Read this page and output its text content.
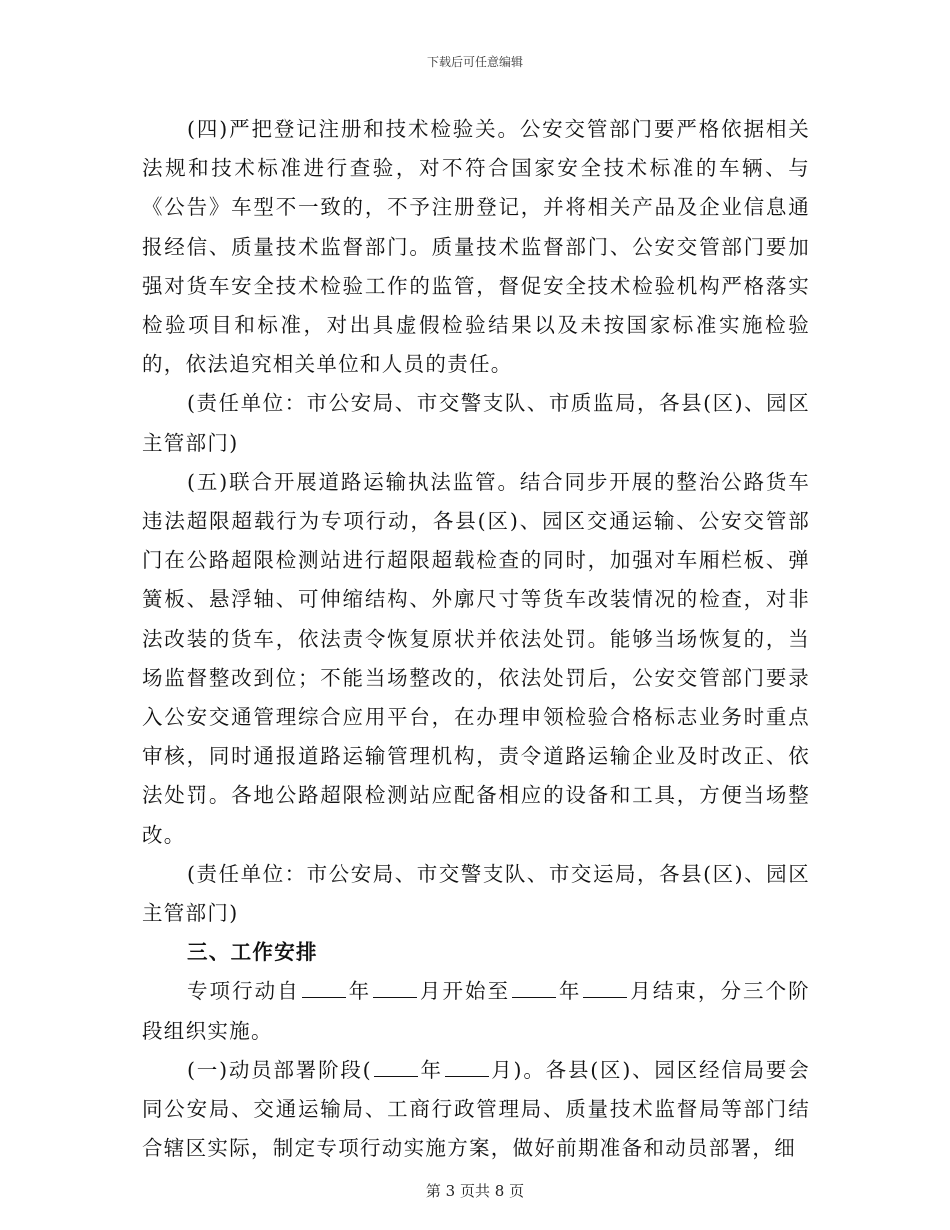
下载后可任意编辑

(四)严把登记注册和技术检验关。公安交管部门要严格依据相关法规和技术标准进行查验，对不符合国家安全技术标准的车辆、与《公告》车型不一致的，不予注册登记，并将相关产品及企业信息通报经信、质量技术监督部门。质量技术监督部门、公安交管部门要加强对货车安全技术检验工作的监管，督促安全技术检验机构严格落实检验项目和标准，对出具虚假检验结果以及未按国家标准实施检验的，依法追究相关单位和人员的责任。

(责任单位：市公安局、市交警支队、市质监局，各县(区)、园区主管部门)

(五)联合开展道路运输执法监管。结合同步开展的整治公路货车违法超限超载行为专项行动，各县(区)、园区交通运输、公安交管部门在公路超限检测站进行超限超载检查的同时，加强对车厢栏板、弹簧板、悬浮轴、可伸缩结构、外廓尺寸等货车改装情况的检查，对非法改装的货车，依法责令恢复原状并依法处罚。能够当场恢复的，当场监督整改到位；不能当场整改的，依法处罚后，公安交管部门要录入公安交通管理综合应用平台，在办理申领检验合格标志业务时重点审核，同时通报道路运输管理机构，责令道路运输企业及时改正、依法处罚。各地公路超限检测站应配备相应的设备和工具，方便当场整改。

(责任单位：市公安局、市交警支队、市交运局，各县(区)、园区主管部门)

三、工作安排

专项行动自 年 月开始至 年 月结束，分三个阶段组织实施。

(一)动员部署阶段( 年 月)。各县(区)、园区经信局要会同公安局、交通运输局、工商行政管理局、质量技术监督局等部门结合辖区实际，制定专项行动实施方案，做好前期准备和动员部署，细

第 3 页共 8 页
